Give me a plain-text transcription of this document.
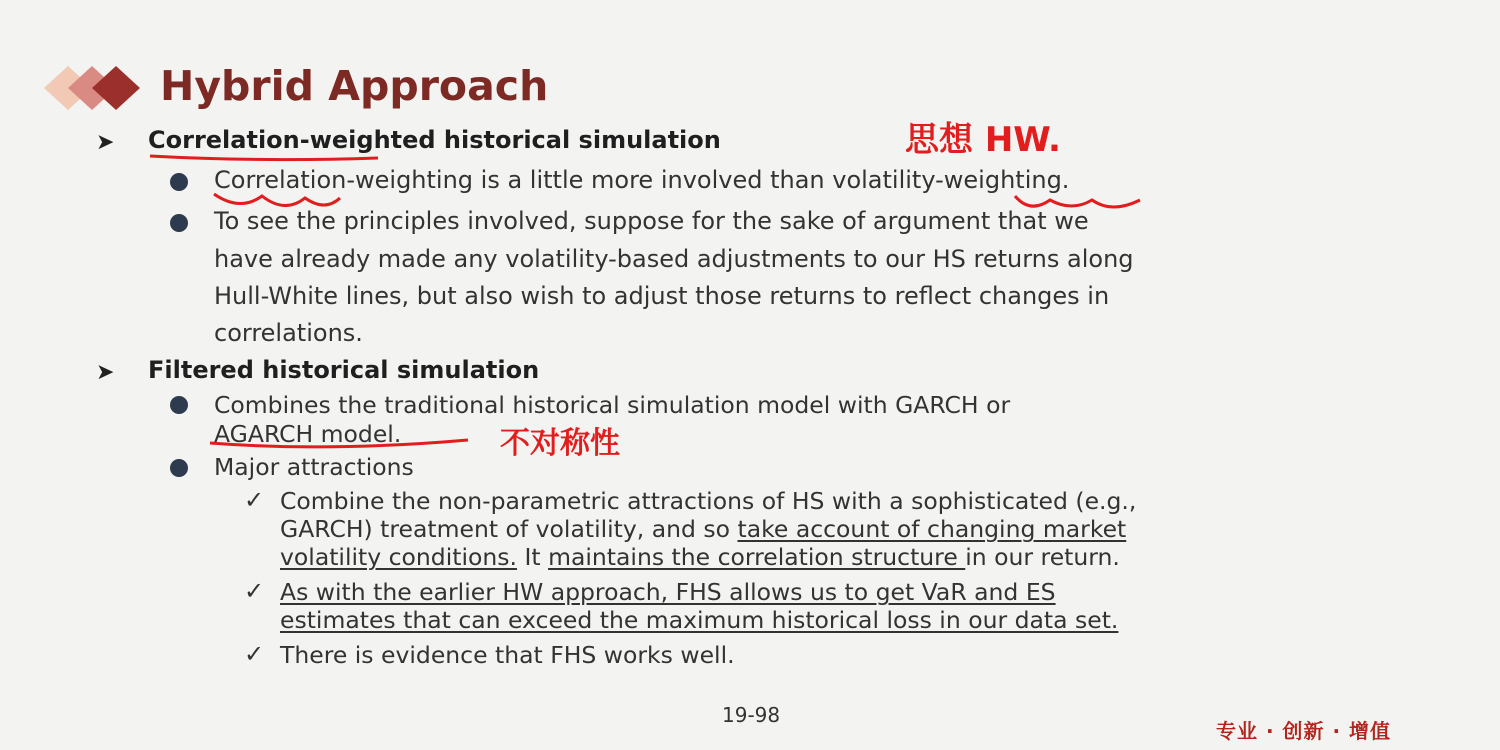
Hybrid Approach
➤ Correlation-weighted historical simulation
Correlation-weighting is a little more involved than volatility-weighting.
To see the principles involved, suppose for the sake of argument that we
have already made any volatility-based adjustments to our HS returns along
Hull-White lines, but also wish to adjust those returns to reflect changes in
correlations.
➤ Filtered historical simulation
Combines the traditional historical simulation model with GARCH or
AGARCH model.
Major attractions
✓ Combine the non-parametric attractions of HS with a sophisticated (e.g.,
GARCH) treatment of volatility, and so take account of changing market
volatility conditions. It maintains the correlation structure in our return.
✓ As with the earlier HW approach, FHS allows us to get VaR and ES
estimates that can exceed the maximum historical loss in our data set.
✓ There is evidence that FHS works well.
19-98
专业 · 创新 · 增值
思想 HW.
不对称性
